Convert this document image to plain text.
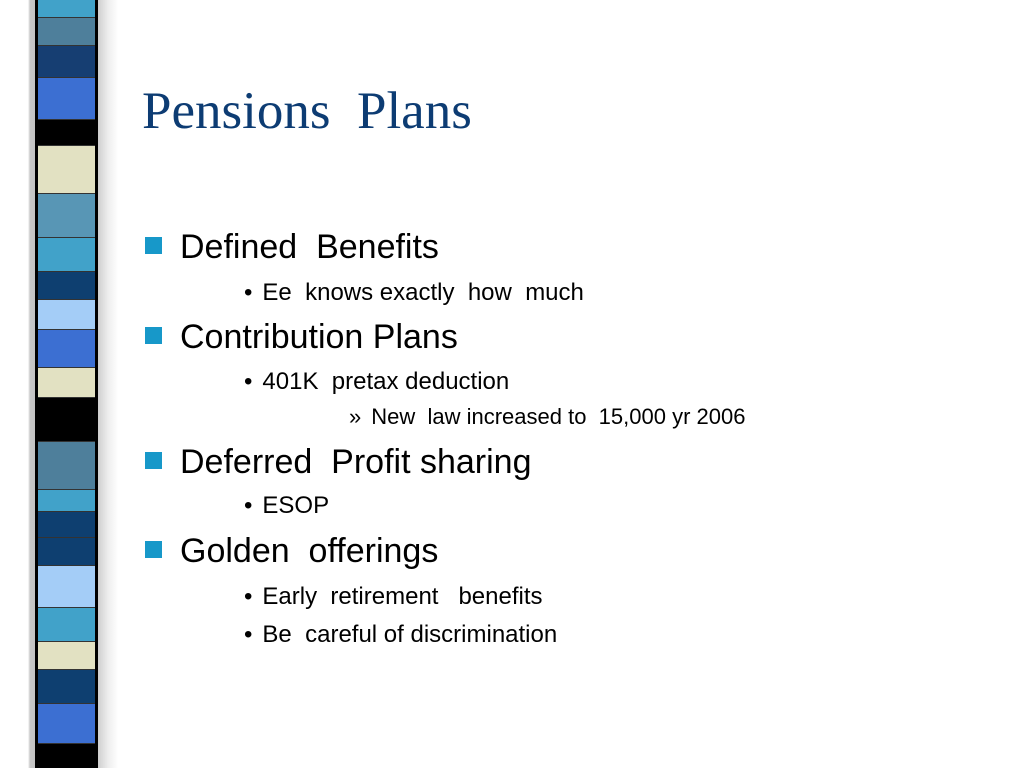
Pensions  Plans
Defined  Benefits
• Ee  knows exactly  how  much
Contribution Plans
• 401K  pretax deduction
» New  law increased to  15,000 yr 2006
Deferred  Profit sharing
• ESOP
Golden  offerings
• Early  retirement   benefits
• Be  careful of discrimination
